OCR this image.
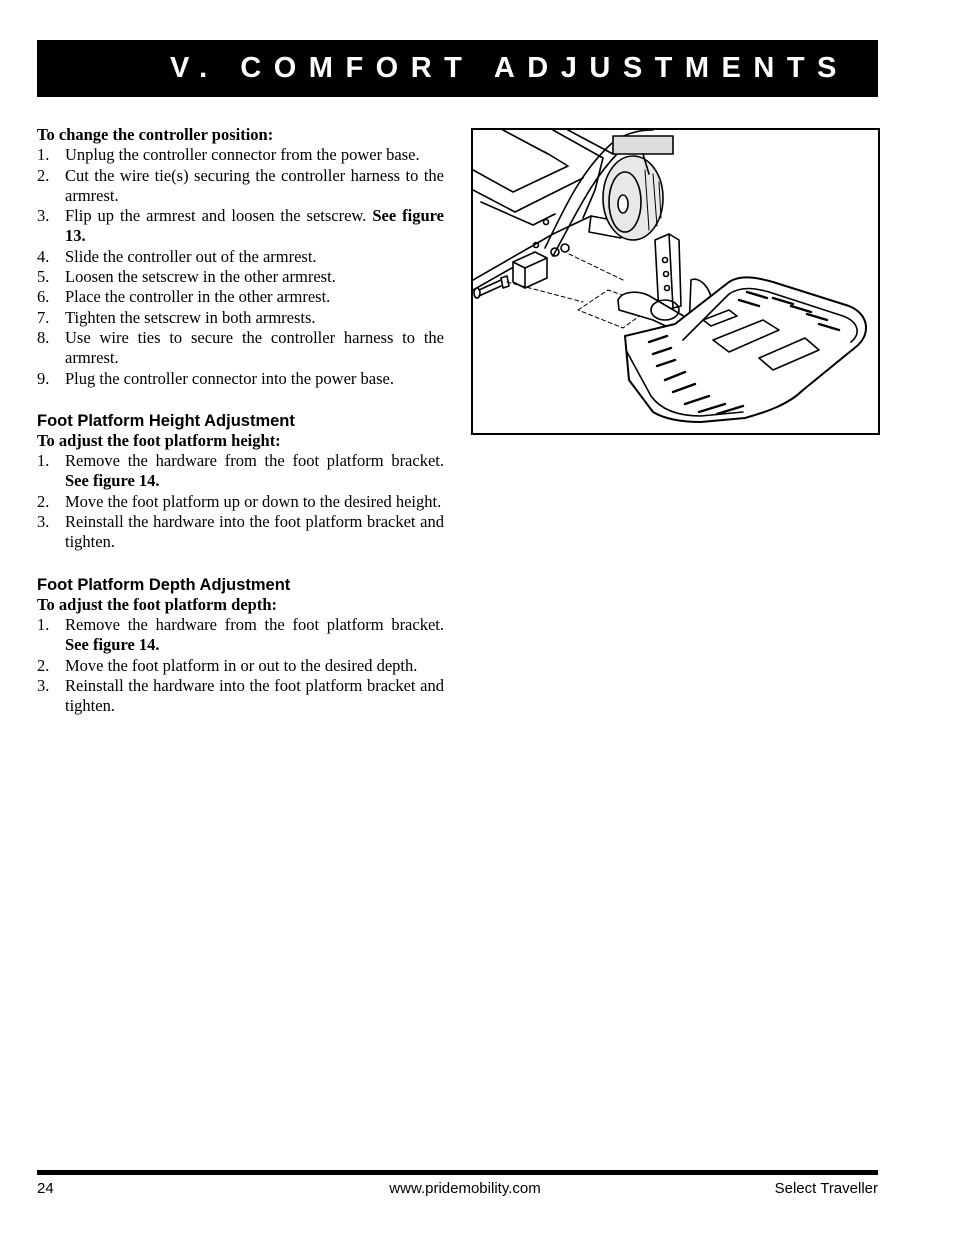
V. COMFORT ADJUSTMENTS

To change the controller position:

1. Unplug the controller connector from the power base.
2. Cut the wire tie(s) securing the controller harness to the armrest.
3. Flip up the armrest and loosen the setscrew. See figure 13.
4. Slide the controller out of the armrest.
5. Loosen the setscrew in the other armrest.
6. Place the controller in the other armrest.
7. Tighten the setscrew in both armrests.
8. Use wire ties to secure the controller harness to the armrest.
9. Plug the controller connector into the power base.

Foot Platform Height Adjustment

To adjust the foot platform height:

1. Remove the hardware from the foot platform bracket. See figure 14.
2. Move the foot platform up or down to the desired height.
3. Reinstall the hardware into the foot platform bracket and tighten.

Foot Platform Depth Adjustment

To adjust the foot platform depth:

1. Remove the hardware from the foot platform bracket. See figure 14.
2. Move the foot platform in or out to the desired depth.
3. Reinstall the hardware into the foot platform bracket and tighten.
24	www.pridemobility.com	Select Traveller
